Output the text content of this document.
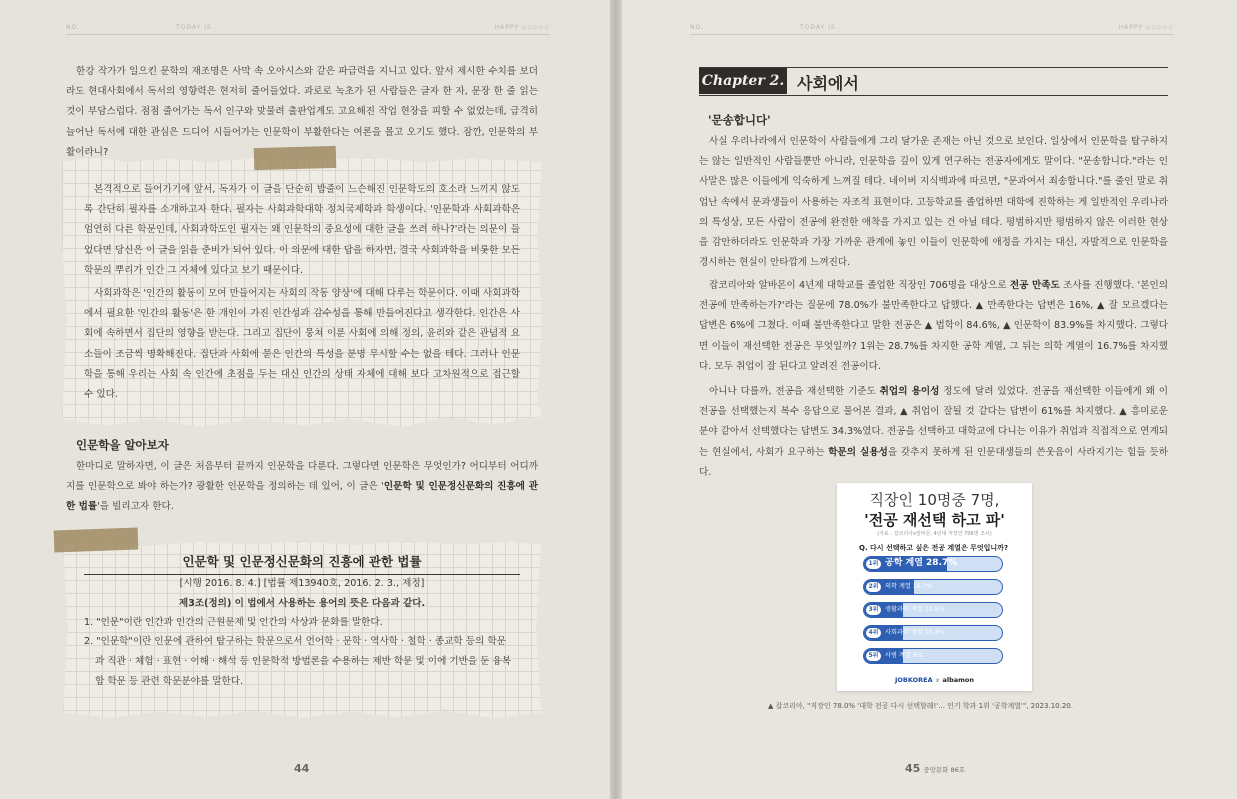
NO.	TODAY IS...	HAPPY ◇◇◇◇◇	NO.	TODAY IS...	HAPPY ◇◇◇◇◇

한강 작가가 일으킨 문학의 재조명은 사막 속 오아시스와 같은 파급력을 지니고 있다. 앞서 제시한 수치를 보더라도 현대사회에서 독서의 영향력은 현저히 줄어들었다. 과로로 녹초가 된 사람들은 글자 한 자, 문장 한 줄 읽는 것이 부담스럽다. 점점 줄어가는 독서 인구와 맞물려 출판업계도 고요해진 작업 현장을 피할 수 없었는데, 급격히 늘어난 독서에 대한 관심은 드디어 시들어가는 인문학이 부활한다는 여론을 몰고 오기도 했다. 잠깐, 인문학의 부활이라니?

본격적으로 들어가기에 앞서, 독자가 이 글을 단순히 밥줄이 느슨해진 인문학도의 호소라 느끼지 않도록 간단히 필자를 소개하고자 한다. 필자는 사회과학대학 정치국제학과 학생이다. '인문학과 사회과학은 엄연히 다른 학문인데, 사회과학도인 필자는 왜 인문학의 중요성에 대한 글을 쓰려 하나?'라는 의문이 들었다면 당신은 이 글을 읽을 준비가 되어 있다. 이 의문에 대한 답을 하자면, 결국 사회과학을 비롯한 모든 학문의 뿌리가 인간 그 자체에 있다고 보기 때문이다.

사회과학은 '인간의 활동이 모여 만들어지는 사회의 작동 양상'에 대해 다루는 학문이다. 이때 사회과학에서 필요한 '인간의 활동'은 한 개인이 가진 인간성과 감수성을 통해 만들어진다고 생각한다. 인간은 사회에 속하면서 집단의 영향을 받는다. 그리고 집단이 뭉쳐 이룬 사회에 의해 정의, 윤리와 같은 관념적 요소들이 조금씩 명확해진다. 집단과 사회에 묻은 인간의 특성을 분명 무시할 수는 없을 테다. 그러나 인문학을 통해 우리는 사회 속 인간에 초점을 두는 대신 인간의 상태 자체에 대해 보다 고차원적으로 접근할 수 있다.

인문학을 알아보자

한마디로 말하자면, 이 글은 처음부터 끝까지 인문학을 다룬다. 그렇다면 인문학은 무엇인가? 어디부터 어디까지를 인문학으로 봐야 하는가? 광활한 인문학을 정의하는 데 있어, 이 글은 '인문학 및 인문정신문화의 진흥에 관한 법률'을 빌리고자 한다.

인문학 및 인문정신문화의 진흥에 관한 법률
[시행 2016. 8. 4.] [법률 제13940호, 2016. 2. 3., 제정]
제3조(정의) 이 법에서 사용하는 용어의 뜻은 다음과 같다.
1. "인문"이란 인간과 인간의 근원문제 및 인간의 사상과 문화를 말한다.
2. "인문학"이란 인문에 관하여 탐구하는 학문으로서 언어학 · 문학 · 역사학 · 철학 · 종교학 등의 학문
과 직관 · 체험 · 표현 · 이해 · 해석 등 인문학적 방법론을 수용하는 제반 학문 및 이에 기반을 둔 융복
합 학문 등 관련 학문분야를 말한다.
44
Chapter 2. 사회에서
'문송합니다'

사실 우리나라에서 인문학이 사람들에게 그리 달가운 존재는 아닌 것으로 보인다. 일상에서 인문학을 탐구하지는 않는 일반적인 사람들뿐만 아니라, 인문학을 깊이 있게 연구하는 전공자에게도 말이다. "문송합니다."라는 인사말은 많은 이들에게 익숙하게 느껴질 테다. 네이버 지식백과에 따르면, "문과여서 죄송합니다."를 줄인 말로 취업난 속에서 문과생들이 사용하는 자조적 표현이다. 고등학교를 졸업하면 대학에 진학하는 게 일반적인 우리나라의 특성상, 모든 사람이 전공에 완전한 애착을 가지고 있는 건 아닐 테다. 평범하지만 평범하지 않은 이러한 현상을 감안하더라도 인문학과 가장 가까운 관계에 놓인 이들이 인문학에 애정을 가지는 대신, 자발적으로 인문학을 경시하는 현실이 안타깝게 느껴진다.

잡코리아와 알바몬이 4년제 대학교를 졸업한 직장인 706명을 대상으로 전공 만족도 조사를 진행했다. '본인의 전공에 만족하는가?'라는 질문에 78.0%가 불만족한다고 답했다. ▲ 만족한다는 답변은 16%, ▲ 잘 모르겠다는 답변은 6%에 그쳤다. 이때 불만족한다고 말한 전공은 ▲ 법학이 84.6%, ▲ 인문학이 83.9%를 차지했다. 그렇다면 이들이 재선택한 전공은 무엇일까? 1위는 28.7%를 차지한 공학 계열, 그 뒤는 의학 계열이 16.7%를 차지했다. 모두 취업이 잘 된다고 알려진 전공이다.

아니나 다를까, 전공을 재선택한 기준도 취업의 용이성 정도에 달려 있었다. 전공을 재선택한 이들에게 왜 이 전공을 선택했는지 복수 응답으로 물어본 결과, ▲ 취업이 잘될 것 같다는 답변이 61%를 차지했다. ▲ 흥미로운 분야 같아서 선택했다는 답변도 34.3%였다. 전공을 선택하고 대학교에 다니는 이유가 취업과 직접적으로 연계되는 현실에서, 사회가 요구하는 학문의 실용성을 갖추지 못하게 된 인문대생들의 쓴웃음이 사라지기는 힘들 듯하다.

직장인 10명중 7명,
'전공 재선택 하고 파'
(자료 : 잡코리아x알바몬, 4년대 직장인 706명 조사)
Q. 다시 선택하고 싶은 전공 계열은 무엇입니까?
1위 공학 계열 28.7%
2위	의학 계열 16.7%
3위	생활과학 계열 10.5%
4위	사회과학 계열 10.3%
5위	사범 계열 9%
JOBKOREA x albamon
▲ 잡코리아, "직장인 78.0% '대학 전공 다시 선택할래!'... 인기 학과 1위 '공학계열'", 2023.10.20.
45 중앙문화 86호
